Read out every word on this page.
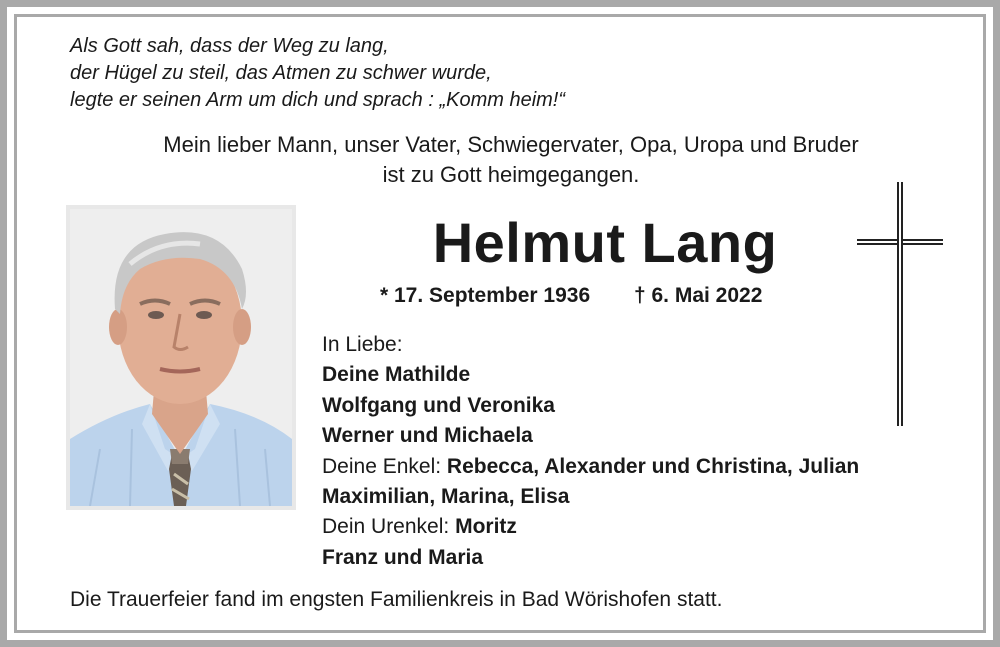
Als Gott sah, dass der Weg zu lang,
der Hügel zu steil, das Atmen zu schwer wurde,
legte er seinen Arm um dich und sprach : „Komm heim!“
Mein lieber Mann, unser Vater, Schwiegervater, Opa, Uropa und Bruder
ist zu Gott heimgegangen.
Helmut Lang
* 17. September 1936 † 6. Mai 2022
In Liebe:
Deine Mathilde
Wolfgang und Veronika
Werner und Michaela
Deine Enkel: Rebecca, Alexander und Christina, Julian
Maximilian, Marina, Elisa
Dein Urenkel: Moritz
Franz und Maria
Die Trauerfeier fand im engsten Familienkreis in Bad Wörishofen statt.
